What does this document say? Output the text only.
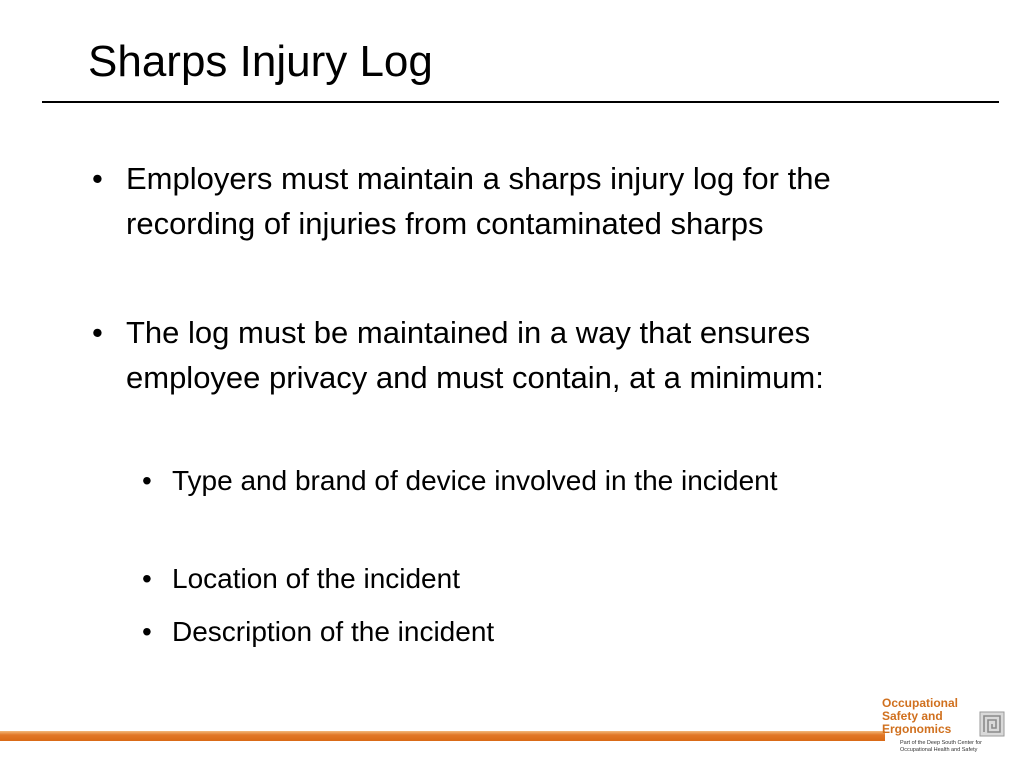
Sharps Injury Log
• Employers must maintain a sharps injury log for the recording of injuries from contaminated sharps
• The log must be maintained in a way that ensures employee privacy and must contain, at a minimum:
• Type and brand of device involved in the incident
• Location of the incident
• Description of the incident
Occupational
Safety and
Ergonomics
Part of the Deep South Center for
Occupational Health and Safety
